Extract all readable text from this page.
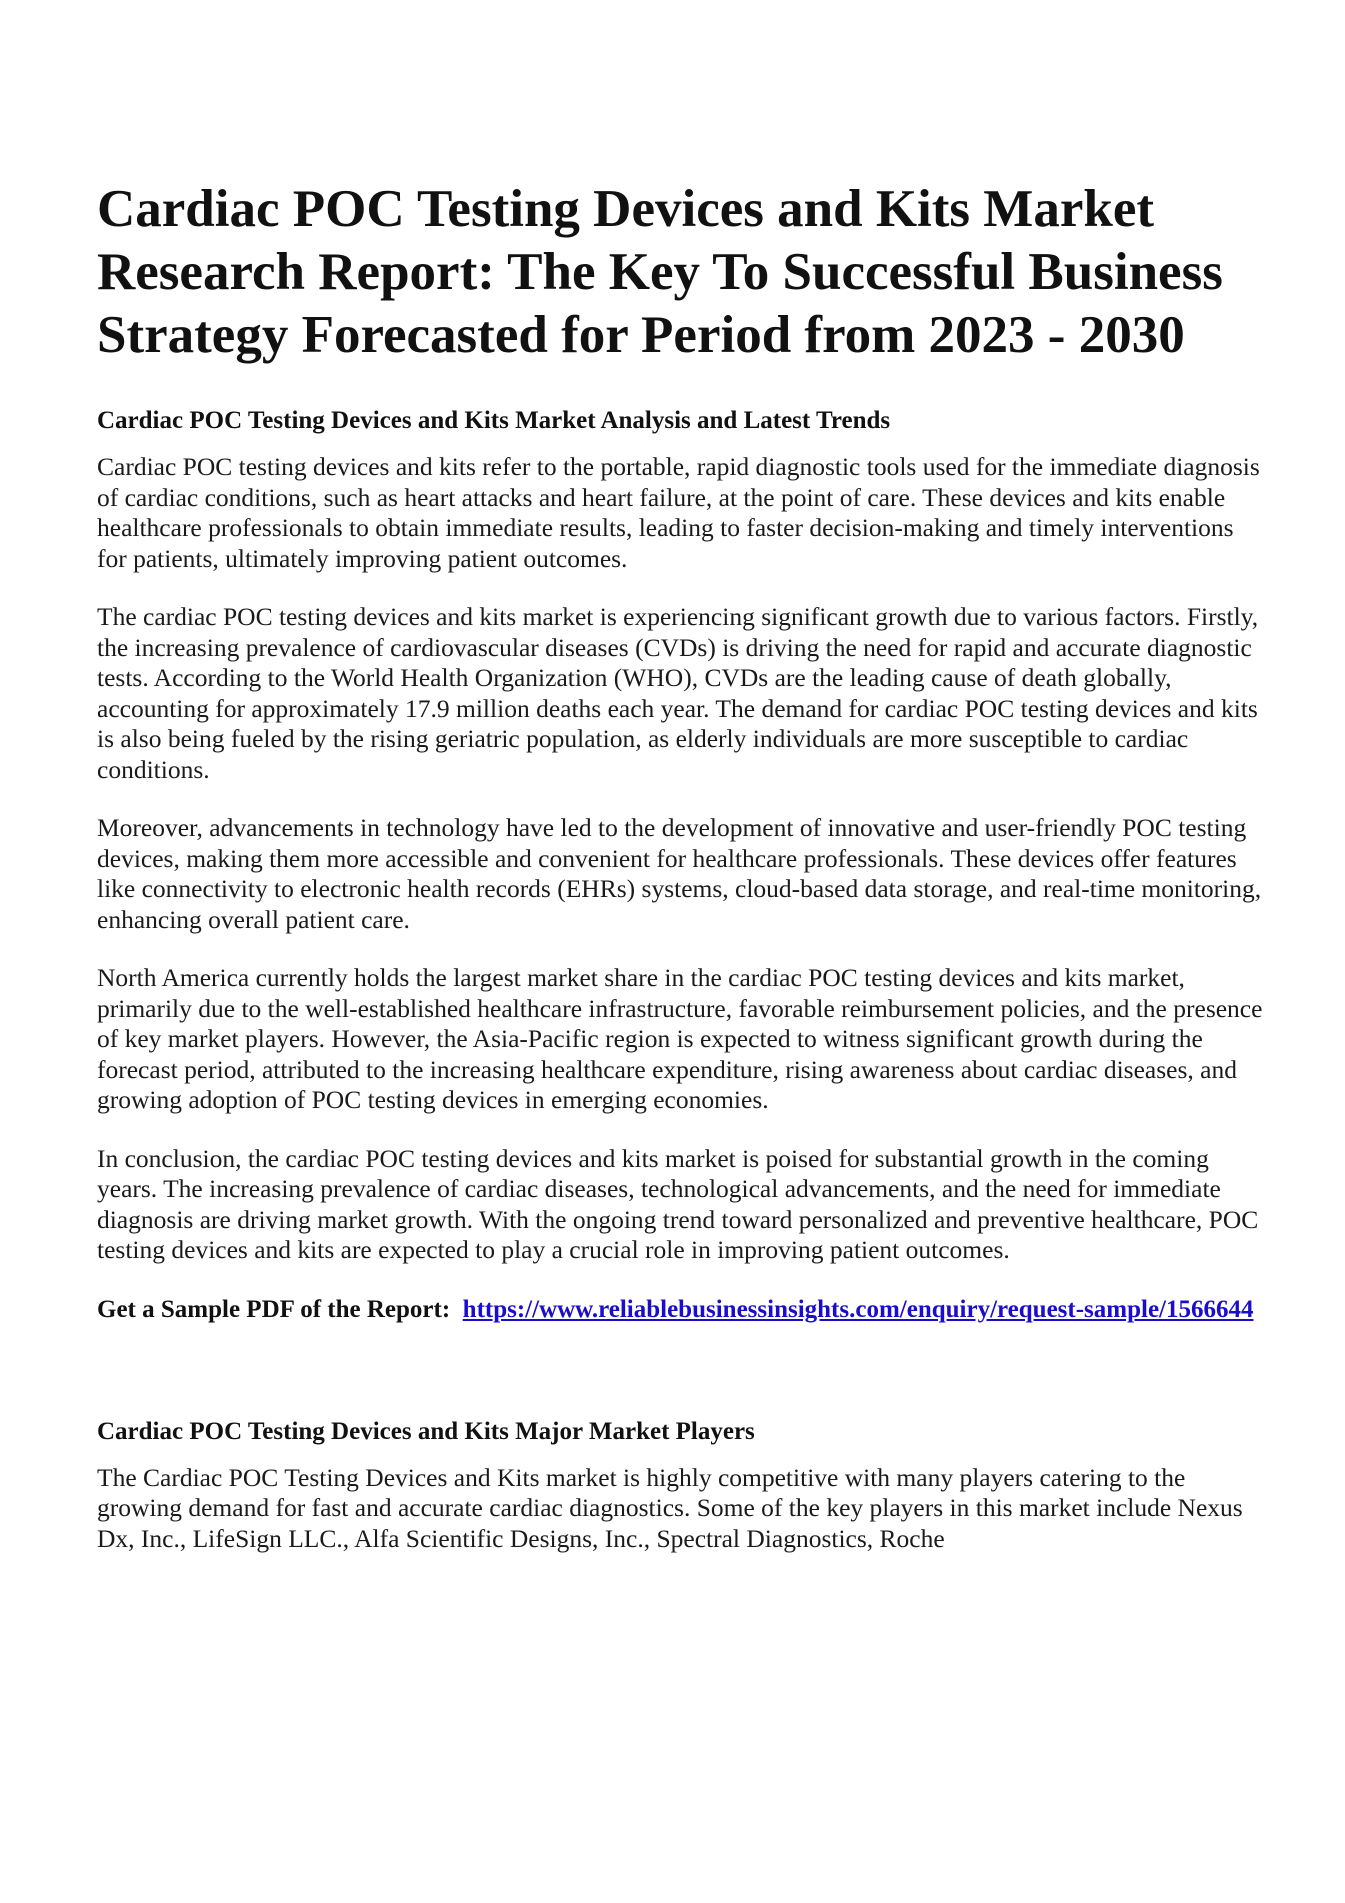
Cardiac POC Testing Devices and Kits Market Research Report: The Key To Successful Business Strategy Forecasted for Period from 2023 - 2030
Cardiac POC Testing Devices and Kits Market Analysis and Latest Trends

Cardiac POC testing devices and kits refer to the portable, rapid diagnostic tools used for the immediate diagnosis of cardiac conditions, such as heart attacks and heart failure, at the point of care. These devices and kits enable healthcare professionals to obtain immediate results, leading to faster decision-making and timely interventions for patients, ultimately improving patient outcomes.

The cardiac POC testing devices and kits market is experiencing significant growth due to various factors. Firstly, the increasing prevalence of cardiovascular diseases (CVDs) is driving the need for rapid and accurate diagnostic tests. According to the World Health Organization (WHO), CVDs are the leading cause of death globally, accounting for approximately 17.9 million deaths each year. The demand for cardiac POC testing devices and kits is also being fueled by the rising geriatric population, as elderly individuals are more susceptible to cardiac conditions.

Moreover, advancements in technology have led to the development of innovative and user-friendly POC testing devices, making them more accessible and convenient for healthcare professionals. These devices offer features like connectivity to electronic health records (EHRs) systems, cloud-based data storage, and real-time monitoring, enhancing overall patient care.

North America currently holds the largest market share in the cardiac POC testing devices and kits market, primarily due to the well-established healthcare infrastructure, favorable reimbursement policies, and the presence of key market players. However, the Asia-Pacific region is expected to witness significant growth during the forecast period, attributed to the increasing healthcare expenditure, rising awareness about cardiac diseases, and growing adoption of POC testing devices in emerging economies.

In conclusion, the cardiac POC testing devices and kits market is poised for substantial growth in the coming years. The increasing prevalence of cardiac diseases, technological advancements, and the need for immediate diagnosis are driving market growth. With the ongoing trend toward personalized and preventive healthcare, POC testing devices and kits are expected to play a crucial role in improving patient outcomes.

Get a Sample PDF of the Report: https://www.reliablebusinessinsights.com/enquiry/request-sample/1566644

Cardiac POC Testing Devices and Kits Major Market Players

The Cardiac POC Testing Devices and Kits market is highly competitive with many players catering to the growing demand for fast and accurate cardiac diagnostics. Some of the key players in this market include Nexus Dx, Inc., LifeSign LLC., Alfa Scientific Designs, Inc., Spectral Diagnostics, Roche
